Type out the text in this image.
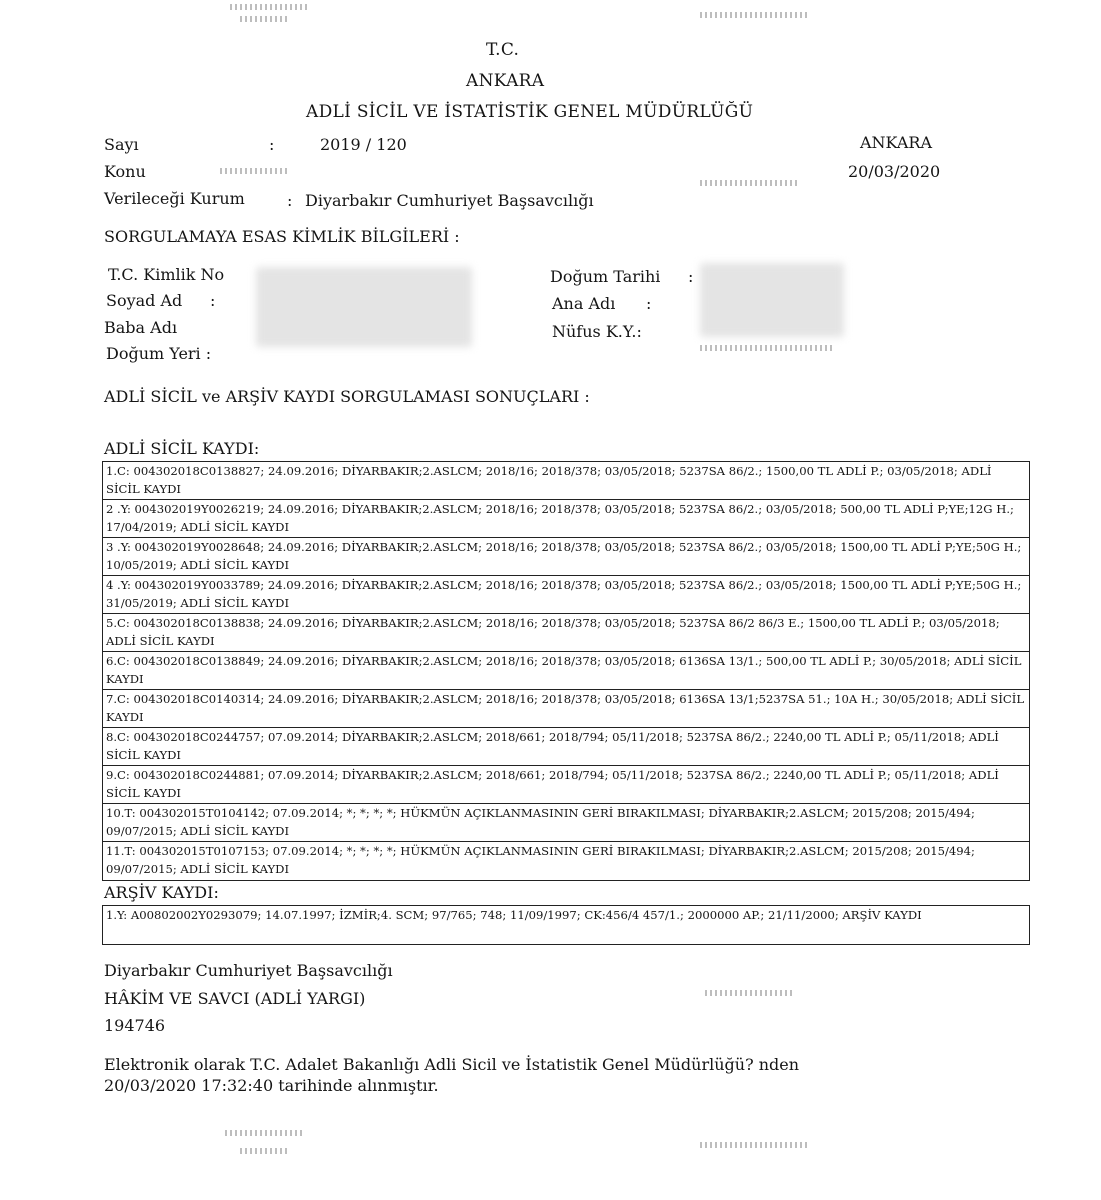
T.C.
ANKARA
ADLİ SİCİL VE İSTATİSTİK GENEL MÜDÜRLÜĞÜ
Sayı	:	2019 / 120	ANKARA
Konu	20/03/2020
Verileceği Kurum	: Diyarbakır Cumhuriyet Başsavcılığı
SORGULAMAYA ESAS KİMLİK BİLGİLERİ :
T.C. Kimlik No
Soyad Ad :
Baba Adı
Doğum Yeri :
Doğum Tarihi :
Ana Adı :
Nüfus K.Y.:
ADLİ SİCİL ve ARŞİV KAYDI SORGULAMASI SONUÇLARI :
ADLİ SİCİL KAYDI:
1.C: 004302018C0138827; 24.09.2016; DİYARBAKIR;2.ASLCM; 2018/16; 2018/378; 03/05/2018; 5237SA 86/2.; 1500,00 TL ADLİ P.; 03/05/2018; ADLİ SİCİL KAYDI
2 .Y: 004302019Y0026219; 24.09.2016; DİYARBAKIR;2.ASLCM; 2018/16; 2018/378; 03/05/2018; 5237SA 86/2.; 03/05/2018; 500,00 TL ADLİ P;YE;12G H.; 17/04/2019; ADLİ SİCİL KAYDI
3 .Y: 004302019Y0028648; 24.09.2016; DİYARBAKIR;2.ASLCM; 2018/16; 2018/378; 03/05/2018; 5237SA 86/2.; 03/05/2018; 1500,00 TL ADLİ P;YE;50G H.; 10/05/2019; ADLİ SİCİL KAYDI
4 .Y: 004302019Y0033789; 24.09.2016; DİYARBAKIR;2.ASLCM; 2018/16; 2018/378; 03/05/2018; 5237SA 86/2.; 03/05/2018; 1500,00 TL ADLİ P;YE;50G H.; 31/05/2019; ADLİ SİCİL KAYDI
5.C: 004302018C0138838; 24.09.2016; DİYARBAKIR;2.ASLCM; 2018/16; 2018/378; 03/05/2018; 5237SA 86/2 86/3 E.; 1500,00 TL ADLİ P.; 03/05/2018; ADLİ SİCİL KAYDI
6.C: 004302018C0138849; 24.09.2016; DİYARBAKIR;2.ASLCM; 2018/16; 2018/378; 03/05/2018; 6136SA 13/1.; 500,00 TL ADLİ P.; 30/05/2018; ADLİ SİCİL KAYDI
7.C: 004302018C0140314; 24.09.2016; DİYARBAKIR;2.ASLCM; 2018/16; 2018/378; 03/05/2018; 6136SA 13/1;5237SA 51.; 10A H.; 30/05/2018; ADLİ SİCİL KAYDI
8.C: 004302018C0244757; 07.09.2014; DİYARBAKIR;2.ASLCM; 2018/661; 2018/794; 05/11/2018; 5237SA 86/2.; 2240,00 TL ADLİ P.; 05/11/2018; ADLİ SİCİL KAYDI
9.C: 004302018C0244881; 07.09.2014; DİYARBAKIR;2.ASLCM; 2018/661; 2018/794; 05/11/2018; 5237SA 86/2.; 2240,00 TL ADLİ P.; 05/11/2018; ADLİ SİCİL KAYDI
10.T: 004302015T0104142; 07.09.2014; *; *; *; *; HÜKMÜN AÇIKLANMASININ GERİ BIRAKILMASI; DİYARBAKIR;2.ASLCM; 2015/208; 2015/494; 09/07/2015; ADLİ SİCİL KAYDI
11.T: 004302015T0107153; 07.09.2014; *; *; *; *; HÜKMÜN AÇIKLANMASININ GERİ BIRAKILMASI; DİYARBAKIR;2.ASLCM; 2015/208; 2015/494; 09/07/2015; ADLİ SİCİL KAYDI
ARŞİV KAYDI:
1.Y: A00802002Y0293079; 14.07.1997; İZMİR;4. SCM; 97/765; 748; 11/09/1997; CK:456/4 457/1.; 2000000 AP.; 21/11/2000; ARŞİV KAYDI
Diyarbakır Cumhuriyet Başsavcılığı
HÂKİM VE SAVCI (ADLİ YARGI)
194746
Elektronik olarak T.C. Adalet Bakanlığı Adli Sicil ve İstatistik Genel Müdürlüğü? nden
20/03/2020 17:32:40 tarihinde alınmıştır.
